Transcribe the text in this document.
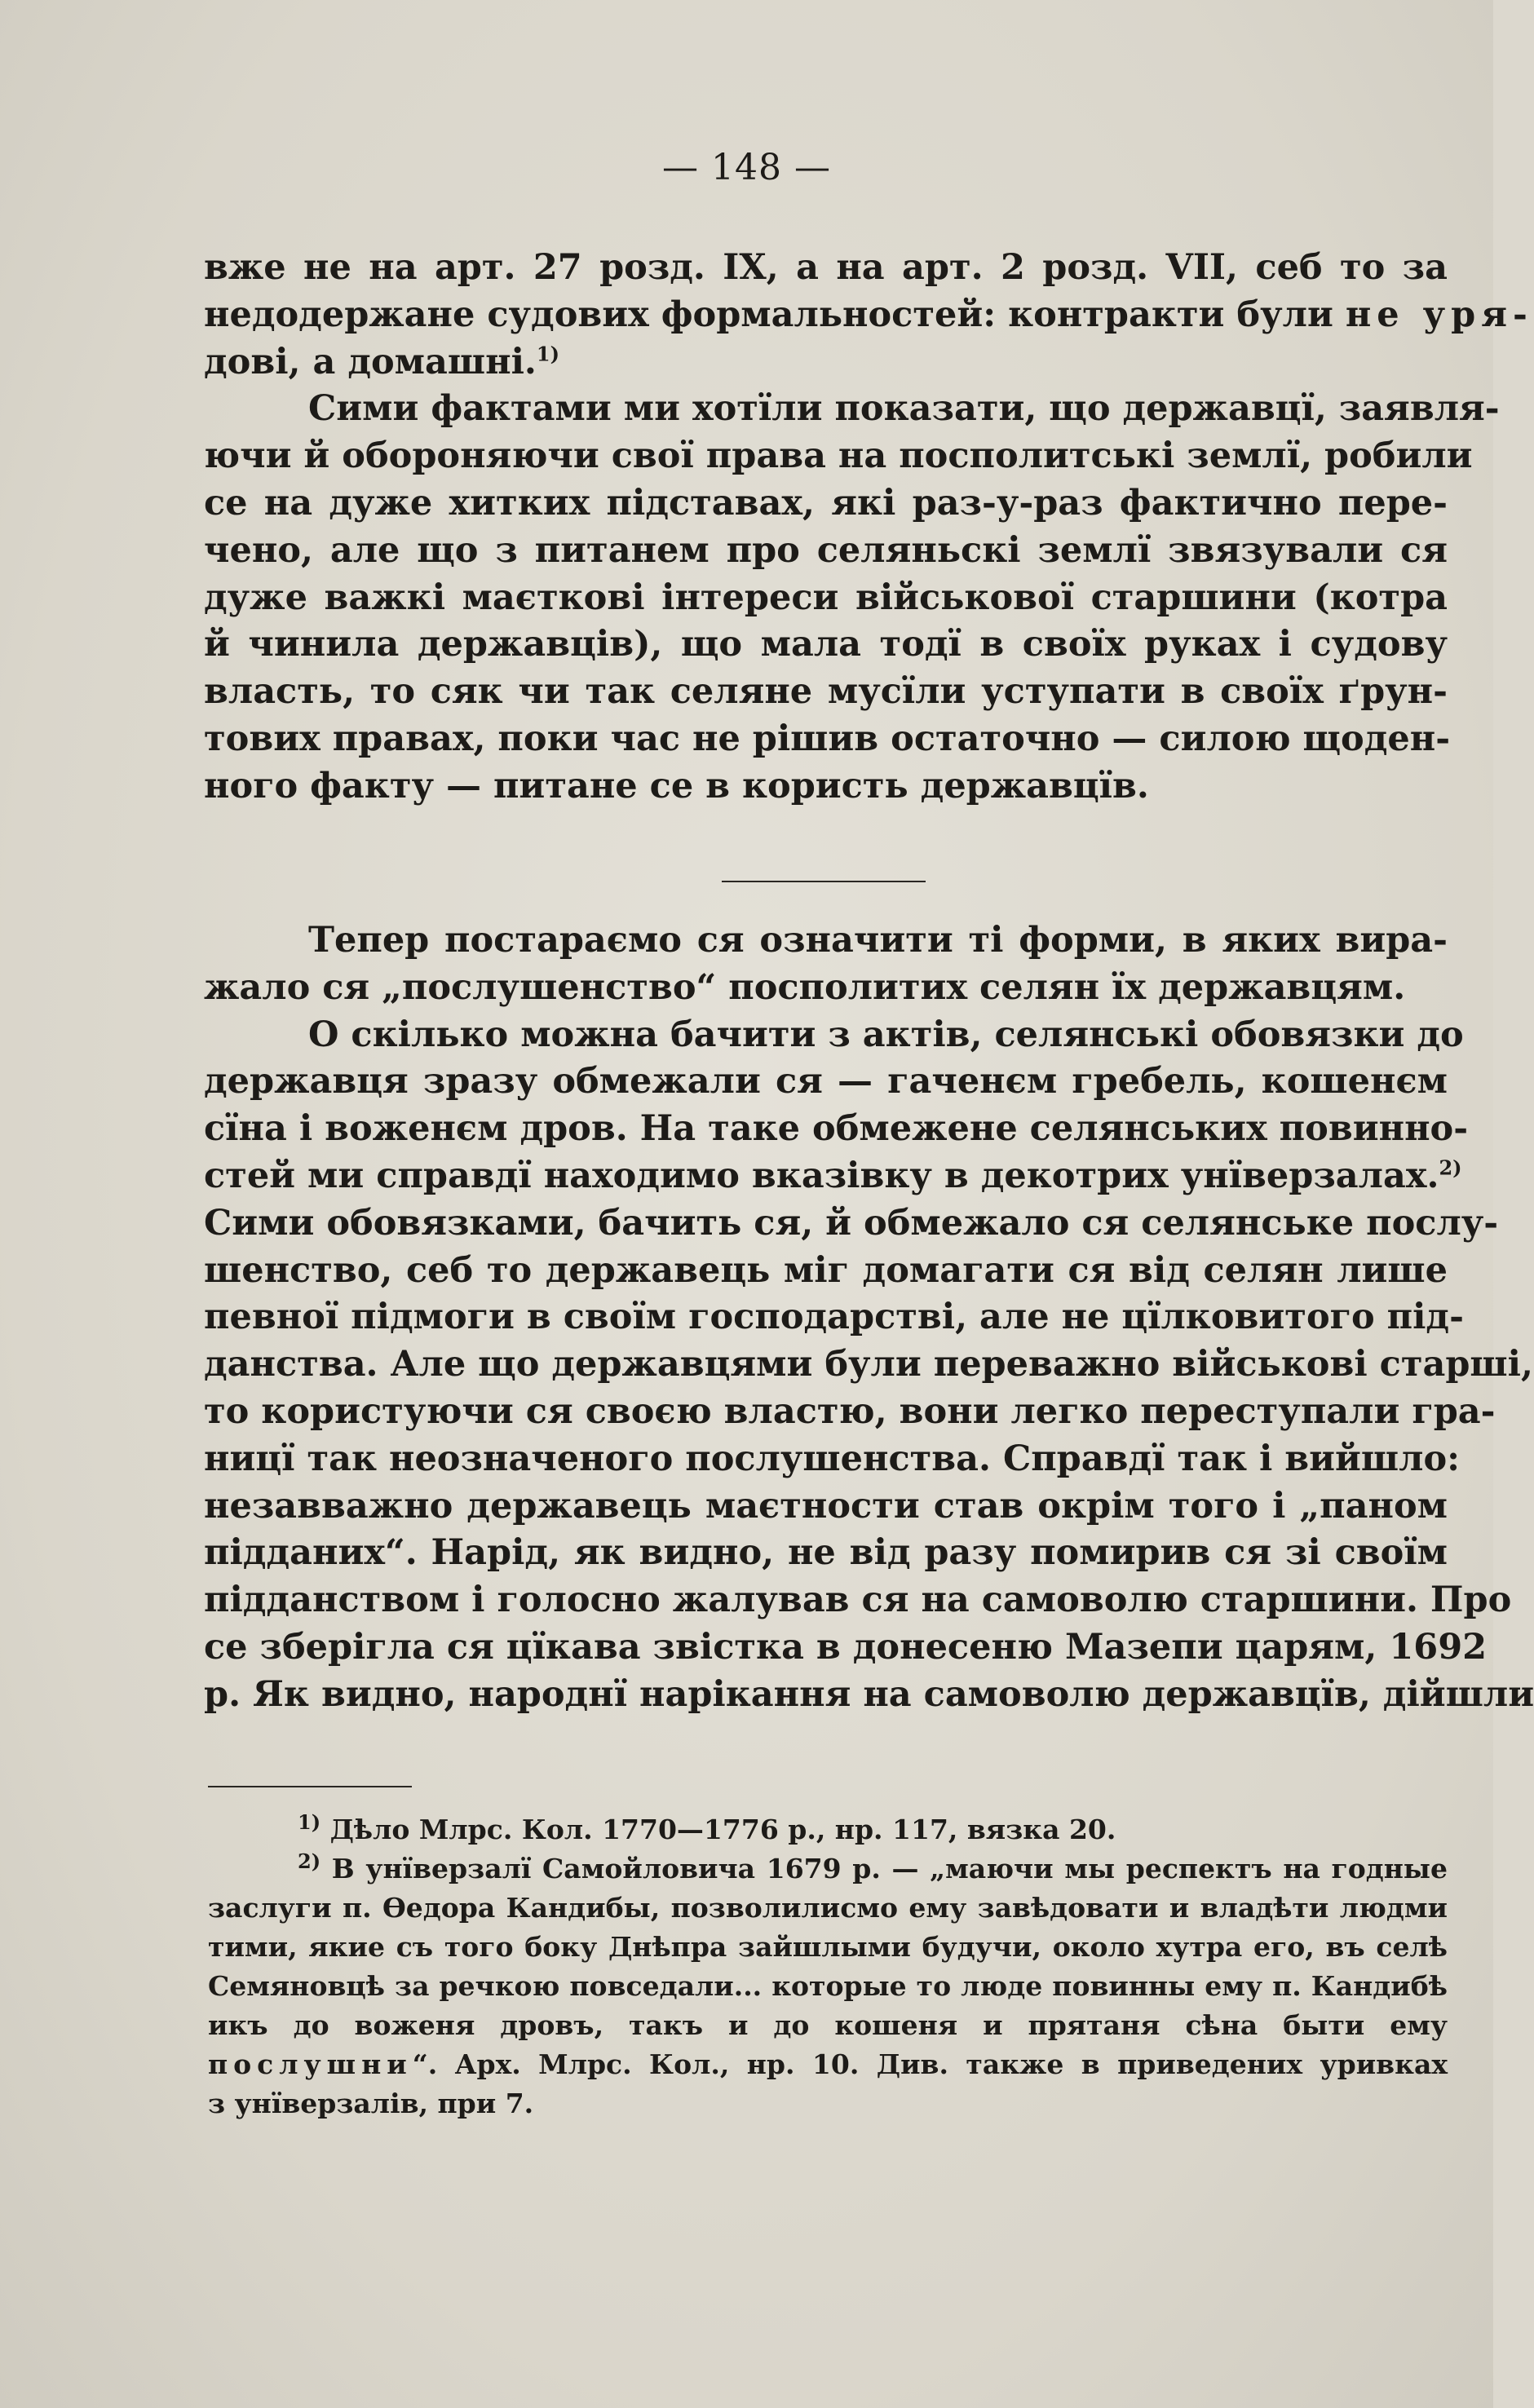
— 148 —

вже не на арт. 27 розд. IX, а на арт. 2 розд. VII, себ то за
недодержане судових формальностей: контракти були не уря-
дові, а домашні.$^{1)}$

Сими фактами ми хотїли показати, що державцї, заявля-
ючи й обороняючи свої права на посполитські землї, робили
се на дуже хитких підставах, які раз-у-раз фактично пере-
чено, але що з питанем про селяньскі землї звязували ся
дуже важкі маєткові інтереси військової старшини (котра
й чинила державців), що мала тодї в своїх руках і судову
власть, то сяк чи так селяне мусїли уступати в своїх ґрун-
тових правах, поки час не рішив остаточно — силою щоден-
ного факту — питане се в користь державцїв.

Тепер постараємо ся означити ті форми, в яких вира-
жало ся „послушенство“ посполитих селян їх державцям.

О скілько можна бачити з актів, селянські обовязки до
державця зразу обмежали ся — гаченєм гребель, кошенєм
сїна і воженєм дров. На таке обмежене селянських повинно-
стей ми справдї находимо вказівку в декотрих унїверзалах.$^{2)}$
Сими обовязками, бачить ся, й обмежало ся селянське послу-
шенство, себ то державець міг домагати ся від селян лише
певної підмоги в своїм господарстві, але не цїлковитого під-
данства. Але що державцями були переважно військові старші,
то користуючи ся своєю властю, вони легко переступали гра-
ницї так неозначеного послушенства. Справдї так і вийшло:
незавважно державець маєтности став окрім того і „паном
підданих“. Нарід, як видно, не від разу помирив ся зі своїм
підданством і голосно жалував ся на самоволю старшини. Про
се зберігла ся цїкава звістка в донесеню Мазепи царям, 1692
р. Як видно, народнї нарікання на самоволю державцїв, дійшли

$^{1)}$ Дѣло Млрс. Кол. 1770—1776 р., нр. 117, вязка 20.
$^{2)}$ В унїверзалї Самойловича 1679 р. — „маючи мы респектъ на годные
заслуги п. Өедора Кандибы, позволилисмо ему завѣдовати и владѣти людми
тими, якие съ того боку Днѣпра зайшлыми будучи, около хутра его, въ селѣ
Семяновцѣ за речкою повседали... которые то люде повинны ему п. Кандибѣ
икъ до воженя дровъ, такъ и до кошеня и прятаня сѣна быти ему
послушни“. Арх. Млрс. Кол., нр. 10. Див. также в приведених уривках
з унїверзалів, при 7.
